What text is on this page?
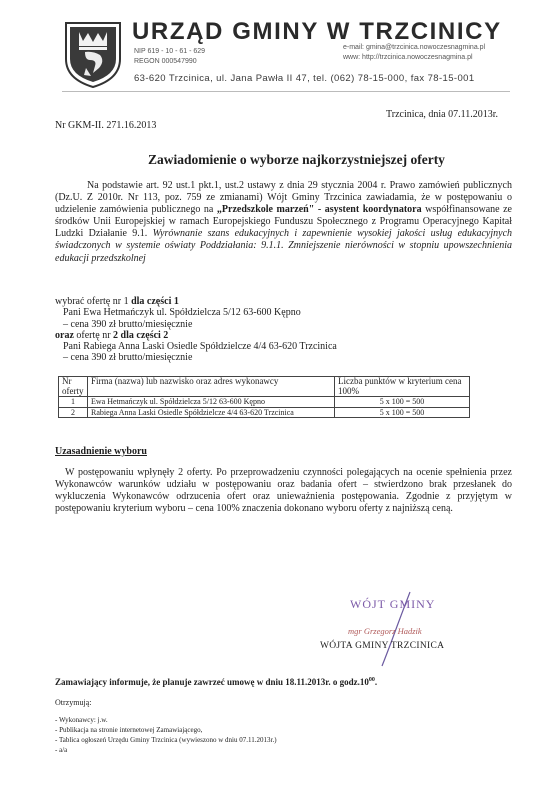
URZĄD GMINY W TRZCINICY
NIP 619 - 10 - 61 - 629
REGON 000547990
e-mail: gmina@trzcinica.nowoczesnagmina.pl
www: http://trzcinica.nowoczesnagmina.pl
63-620 Trzcinica, ul. Jana Pawła II 47, tel. (062) 78-15-000, fax 78-15-001
Trzcinica, dnia 07.11.2013r.
Nr GKM-II. 271.16.2013
Zawiadomienie o wyborze najkorzystniejszej oferty

Na podstawie art. 92 ust.1 pkt.1, ust.2 ustawy z dnia 29 stycznia 2004 r. Prawo zamówień publicznych (Dz.U. Z 2010r. Nr 113, poz. 759 ze zmianami) Wójt Gminy Trzcinica zawiadamia, że w postępowaniu o udzielenie zamówienia publicznego na „Przedszkole marzeń" - asystent koordynatora współfinansowane ze środków Unii Europejskiej w ramach Europejskiego Funduszu Społecznego z Programu Operacyjnego Kapitał Ludzki Działanie 9.1. Wyrównanie szans edukacyjnych i zapewnienie wysokiej jakości usług edukacyjnych świadczonych w systemie oświaty Poddziałania: 9.1.1. Zmniejszenie nierówności w stopniu upowszechnienia edukacji przedszkolnej

wybrać ofertę nr 1 dla części 1
Pani Ewa Hetmańczyk ul. Spółdzielcza 5/12 63-600 Kępno
– cena 390 zł brutto/miesięcznie
oraz ofertę nr 2 dla części 2
Pani Rabiega Anna Laski Osiedle Spółdzielcze 4/4 63-620 Trzcinica
– cena 390 zł brutto/miesięcznie
Nr oferty	Firma (nazwa) lub nazwisko oraz adres wykonawcy	Liczba punktów w kryterium cena 100%
1	Ewa Hetmańczyk ul. Spółdzielcza 5/12 63-600 Kępno	5 x 100 = 500
2	Rabiega Anna Laski Osiedle Spółdzielcze 4/4 63-620 Trzcinica	5 x 100 = 500
Uzasadnienie wyboru

W postępowaniu wpłynęły 2 oferty. Po przeprowadzeniu czynności polegających na ocenie spełnienia przez Wykonawców warunków udziału w postępowaniu oraz badania ofert – stwierdzono brak przesłanek do wykluczenia Wykonawców odrzucenia ofert oraz unieważnienia postępowania. Zgodnie z przyjętym w postępowaniu kryterium wyboru – cena 100% znaczenia dokonano wyboru oferty z najniższą ceną.

WÓJT GMINY
mgr Grzegorz Hadzik
WÓJTA GMINY TRZCINICA
Zamawiający informuje, że planuje zawrzeć umowę w dniu 18.11.2013r. o $godz.10^{00}$.
Otrzymują:
- Wykonawcy: j.w.
- Publikacja na stronie internetowej Zamawiającego,
- Tablica ogłoszeń Urzędu Gminy Trzcinica (wywieszono w dniu 07.11.2013r.)
- a/a
